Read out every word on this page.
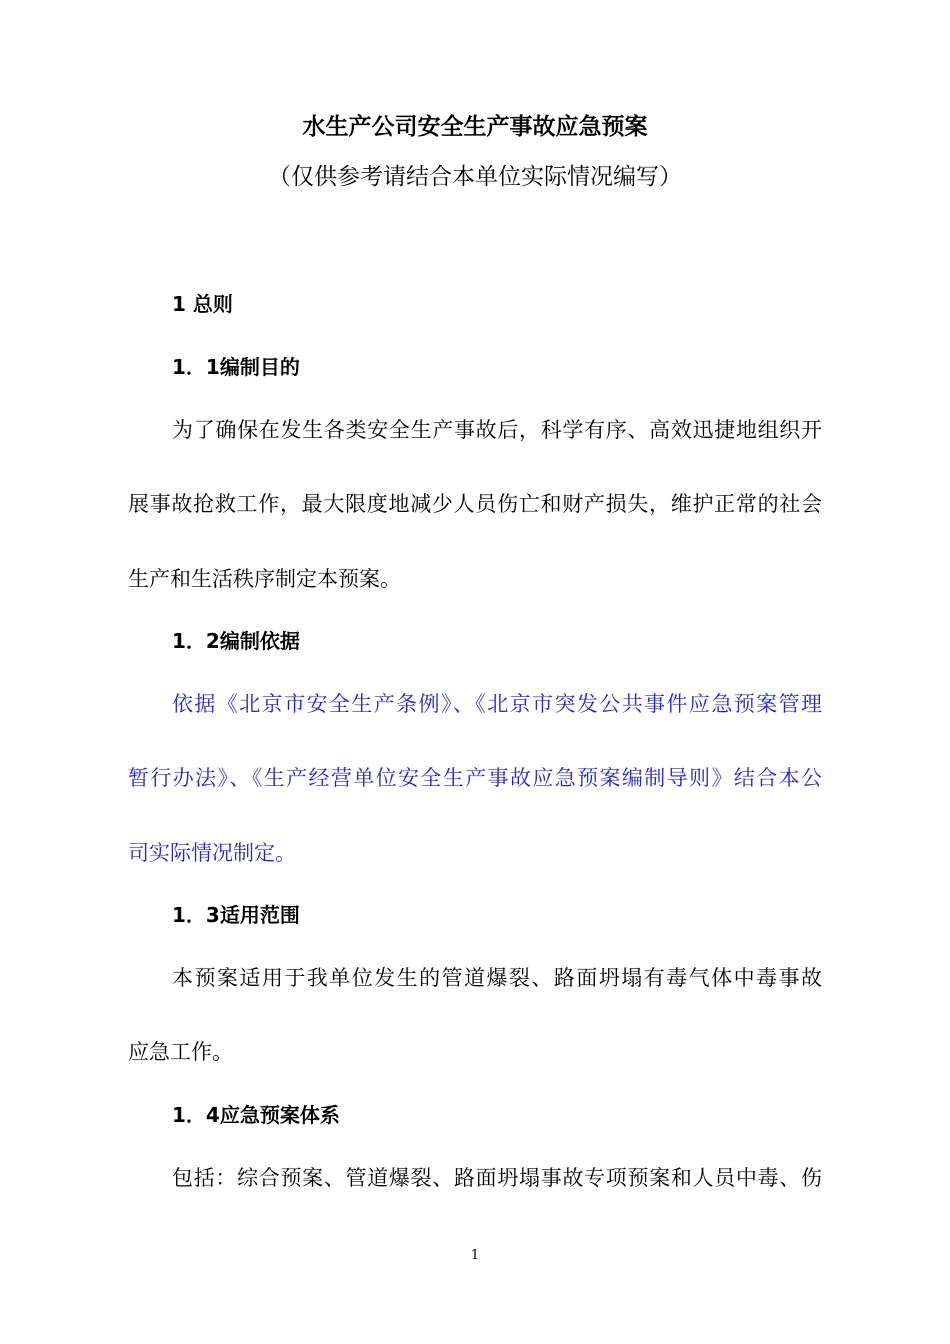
水生产公司安全生产事故应急预案
（仅供参考请结合本单位实际情况编写）
1 总则
1．1编制目的
为了确保在发生各类安全生产事故后，科学有序、高效迅捷地组织开
展事故抢救工作，最大限度地减少人员伤亡和财产损失，维护正常的社会
生产和生活秩序制定本预案。
1．2编制依据
依据《北京市安全生产条例》、《北京市突发公共事件应急预案管理
暂行办法》、《生产经营单位安全生产事故应急预案编制导则》结合本公
司实际情况制定。
1．3适用范围
本预案适用于我单位发生的管道爆裂、路面坍塌有毒气体中毒事故
应急工作。
1．4应急预案体系
包括：综合预案、管道爆裂、路面坍塌事故专项预案和人员中毒、伤
1
